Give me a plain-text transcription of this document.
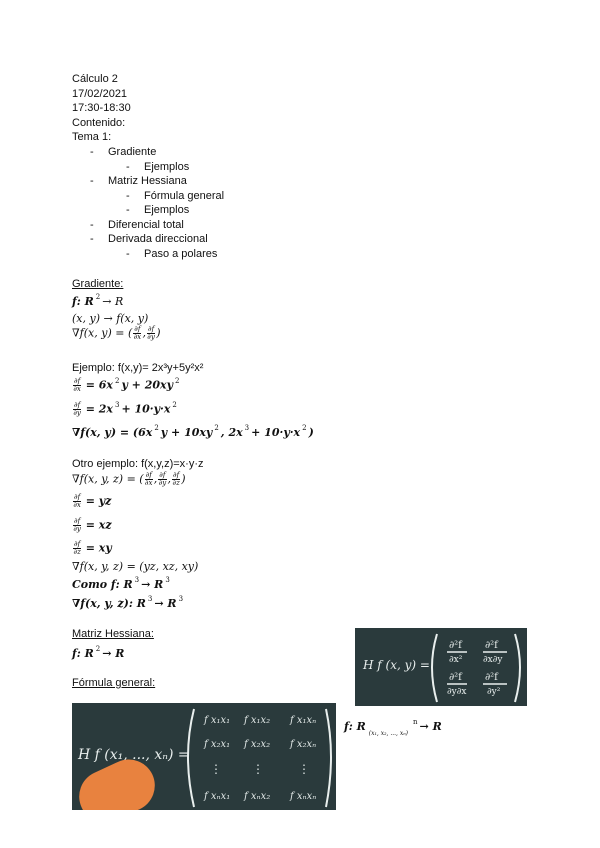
Cálculo 2
17/02/2021
17:30-18:30
Contenido:
Tema 1:
- Gradiente
- Ejemplos
- Matriz Hessiana
- Fórmula general
- Ejemplos
- Diferencial total
- Derivada direccional
- Paso a polares
Gradiente:
f: R $^2$ → R
(x, y) → f(x, y)
∇f(x, y) = ( $\frac{\partial f}{\partial x}$ , $\frac{\partial f}{\partial y}$ )
Ejemplo: f(x,y)= 2x³y+5y²x²
$\frac{\partial f}{\partial x} = 6x$ $^2$ y + 20xy $^2$
$\frac{\partial f}{\partial y} = 2x$ $^3$ + 10·y·x $^2$
∇f(x, y) = (6x $^2$ y + 10xy $^2$ , 2x $^3$ + 10·y·x $^2$ )
Otro ejemplo: f(x,y,z)=x·y·z
∇f(x, y, z) = ( $\frac{\partial f}{\partial x}$ , $\frac{\partial f}{\partial y}$ , $\frac{\partial f}{\partial z}$ )
$\frac{\partial f}{\partial x}$ = yz
$\frac{\partial f}{\partial y}$ = xz
$\frac{\partial f}{\partial z}$ = xy
∇f(x, y, z) = (yz, xz, xy)
Como f: R $^3$ → R $^3$
∇f(x, y, z): R $^3$ → R $^3$
Matriz Hessiana:
f: R $^2$ → R
Fórmula general:
H f (x, y) =
∂²f
∂x²
∂²f
∂x∂y
∂²f
∂y∂x
∂²f
∂y²
H f (x₁, ..., xₙ) =
f x₁x₁ f x₁x₂ f x₁xₙ
f x₂x₁ f x₂x₂ f x₂xₙ
⋮	⋮	⋮
f xₙx₁ f xₙx₂ f xₙxₙ
f: $R_{(x_1, x_2, ..., x_n)}^n \to R$
